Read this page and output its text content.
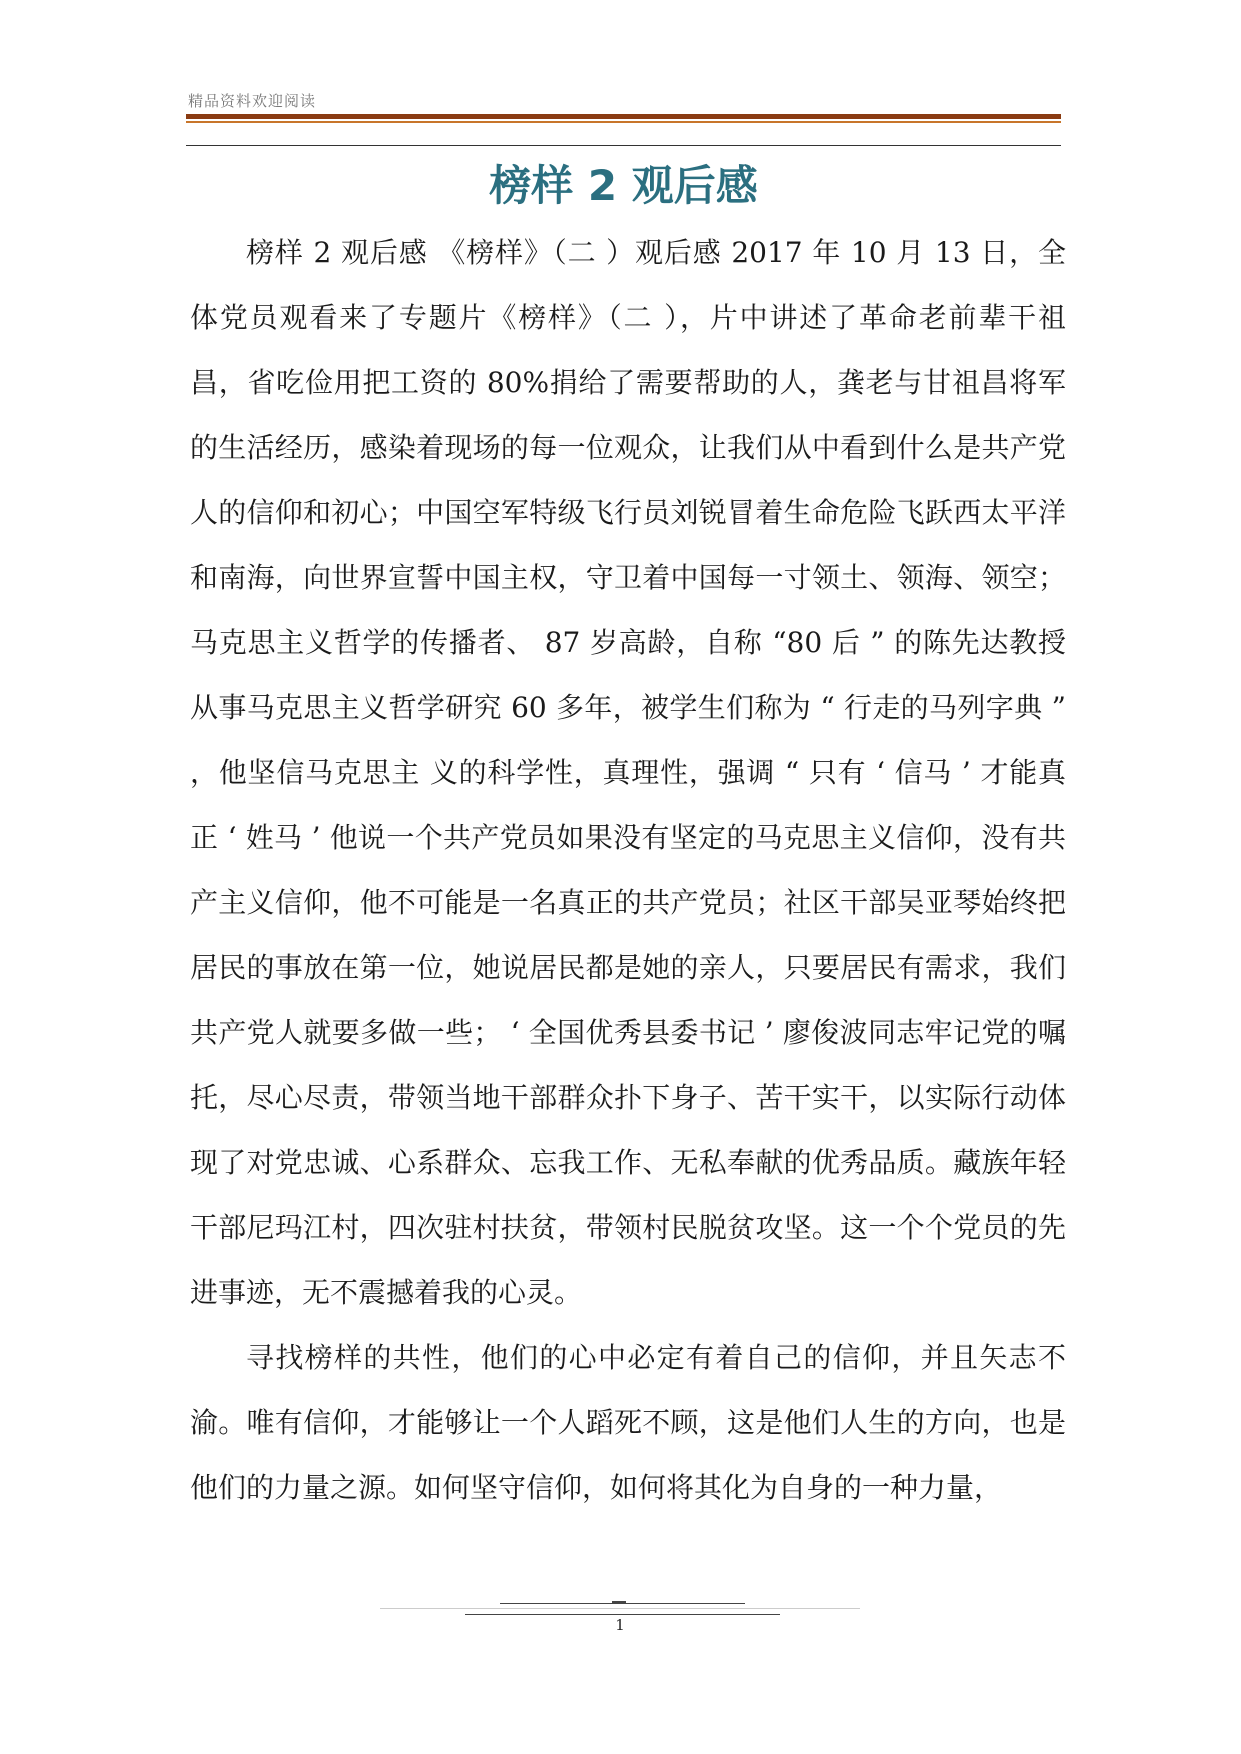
精品资料欢迎阅读
榜样 2 观后感

榜样 2 观后感 《榜样》（二 ）观后感 2017 年 10 月 13 日，全体党员观看来了专题片《榜样》（二 ），片中讲述了革命老前辈干祖昌，省吃俭用把工资的 80%捐给了需要帮助的人，龚老与甘祖昌将军的生活经历，感染着现场的每一位观众，让我们从中看到什么是共产党人的信仰和初心；中国空军特级飞行员刘锐冒着生命危险飞跃西太平洋和南海，向世界宣誓中国主权，守卫着中国每一寸领土、领海、领空；马克思主义哲学的传播者、 87 岁高龄，自称 “80 后 ” 的陈先达教授从事马克思主义哲学研究 60 多年，被学生们称为 “ 行走的马列字典 ” ，他坚信马克思主 义的科学性，真理性，强调 “ 只有 ‘ 信马 ’ 才能真正 ‘ 姓马 ’ 他说一个共产党员如果没有坚定的马克思主义信仰，没有共产主义信仰，他不可能是一名真正的共产党员；社区干部吴亚琴始终把居民的事放在第一位，她说居民都是她的亲人，只要居民有需求，我们共产党人就要多做一些； ‘ 全国优秀县委书记 ’ 廖俊波同志牢记党的嘱托，尽心尽责，带领当地干部群众扑下身子、苦干实干，以实际行动体现了对党忠诚、心系群众、忘我工作、无私奉献的优秀品质。藏族年轻干部尼玛江村，四次驻村扶贫，带领村民脱贫攻坚。这一个个党员的先进事迹，无不震撼着我的心灵。

寻找榜样的共性，他们的心中必定有着自己的信仰，并且矢志不渝。唯有信仰，才能够让一个人蹈死不顾，这是他们人生的方向，也是他们的力量之源。如何坚守信仰，如何将其化为自身的一种力量，

1
